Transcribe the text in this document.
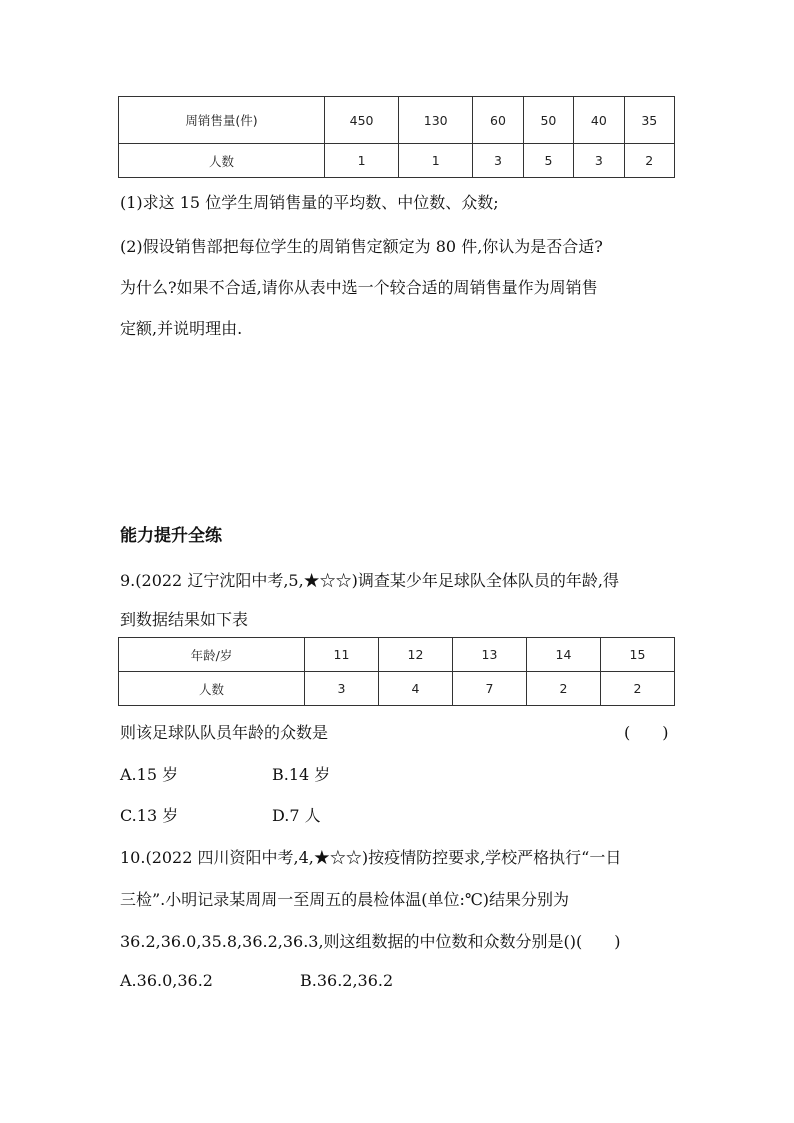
周销售量(件)	450	130	60	50	40	35
人数	1	1	3	5	3	2
(1)求这 15 位学生周销售量的平均数、中位数、众数;
(2)假设销售部把每位学生的周销售定额定为 80 件,你认为是否合适?
为什么?如果不合适,请你从表中选一个较合适的周销售量作为周销售
定额,并说明理由.
能力提升全练
9.(2022 辽宁沈阳中考,5,★☆☆)调查某少年足球队全体队员的年龄,得
到数据结果如下表
年龄/岁	11	12	13	14	15
人数	3	4	7	2	2
则该足球队队员年龄的众数是	(　　)
A.15 岁	B.14 岁
C.13 岁	D.7 人
10.(2022 四川资阳中考,4,★☆☆)按疫情防控要求,学校严格执行“一日
三检”.小明记录某周周一至周五的晨检体温(单位:℃)结果分别为
36.2,36.0,35.8,36.2,36.3,则这组数据的中位数和众数分别是()(　　)
A.36.0,36.2	B.36.2,36.2
